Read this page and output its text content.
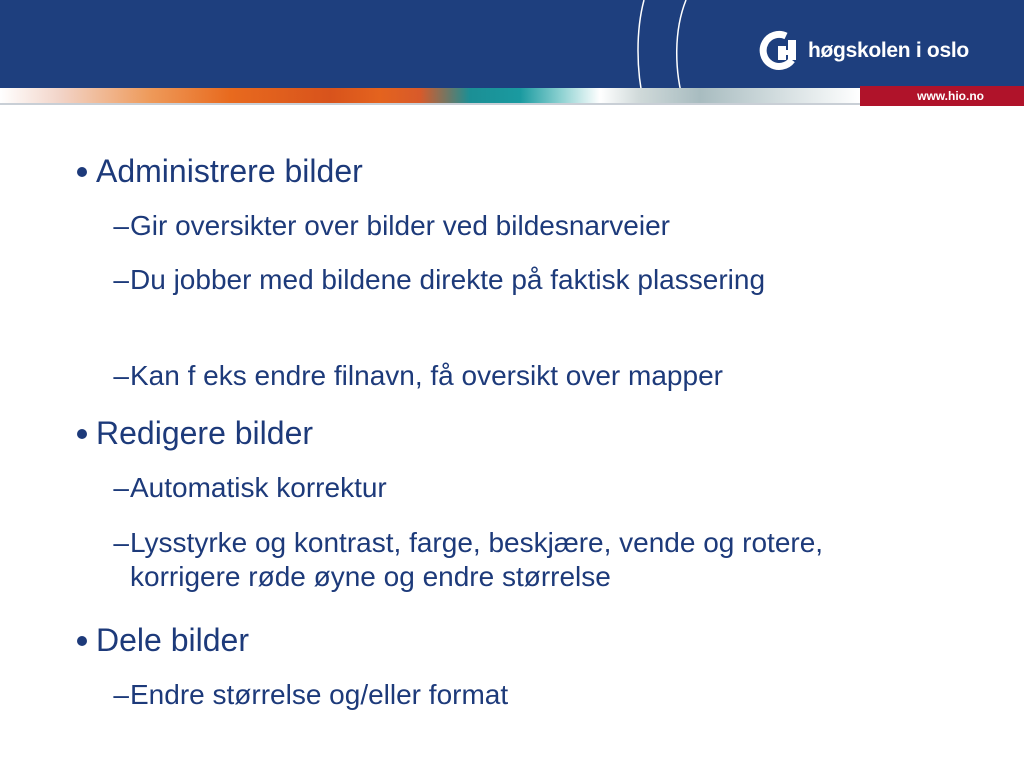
høgskolen i oslo
www.hio.no
Administrere bilder
– Gir oversikter over bilder ved bildesnarveier
– Du jobber med bildene direkte på faktisk plassering
– Kan f eks endre filnavn, få oversikt over mapper
Redigere bilder
– Automatisk korrektur
– Lysstyrke og kontrast, farge, beskjære, vende og rotere, korrigere røde øyne og endre størrelse
Dele bilder
– Endre størrelse og/eller format
